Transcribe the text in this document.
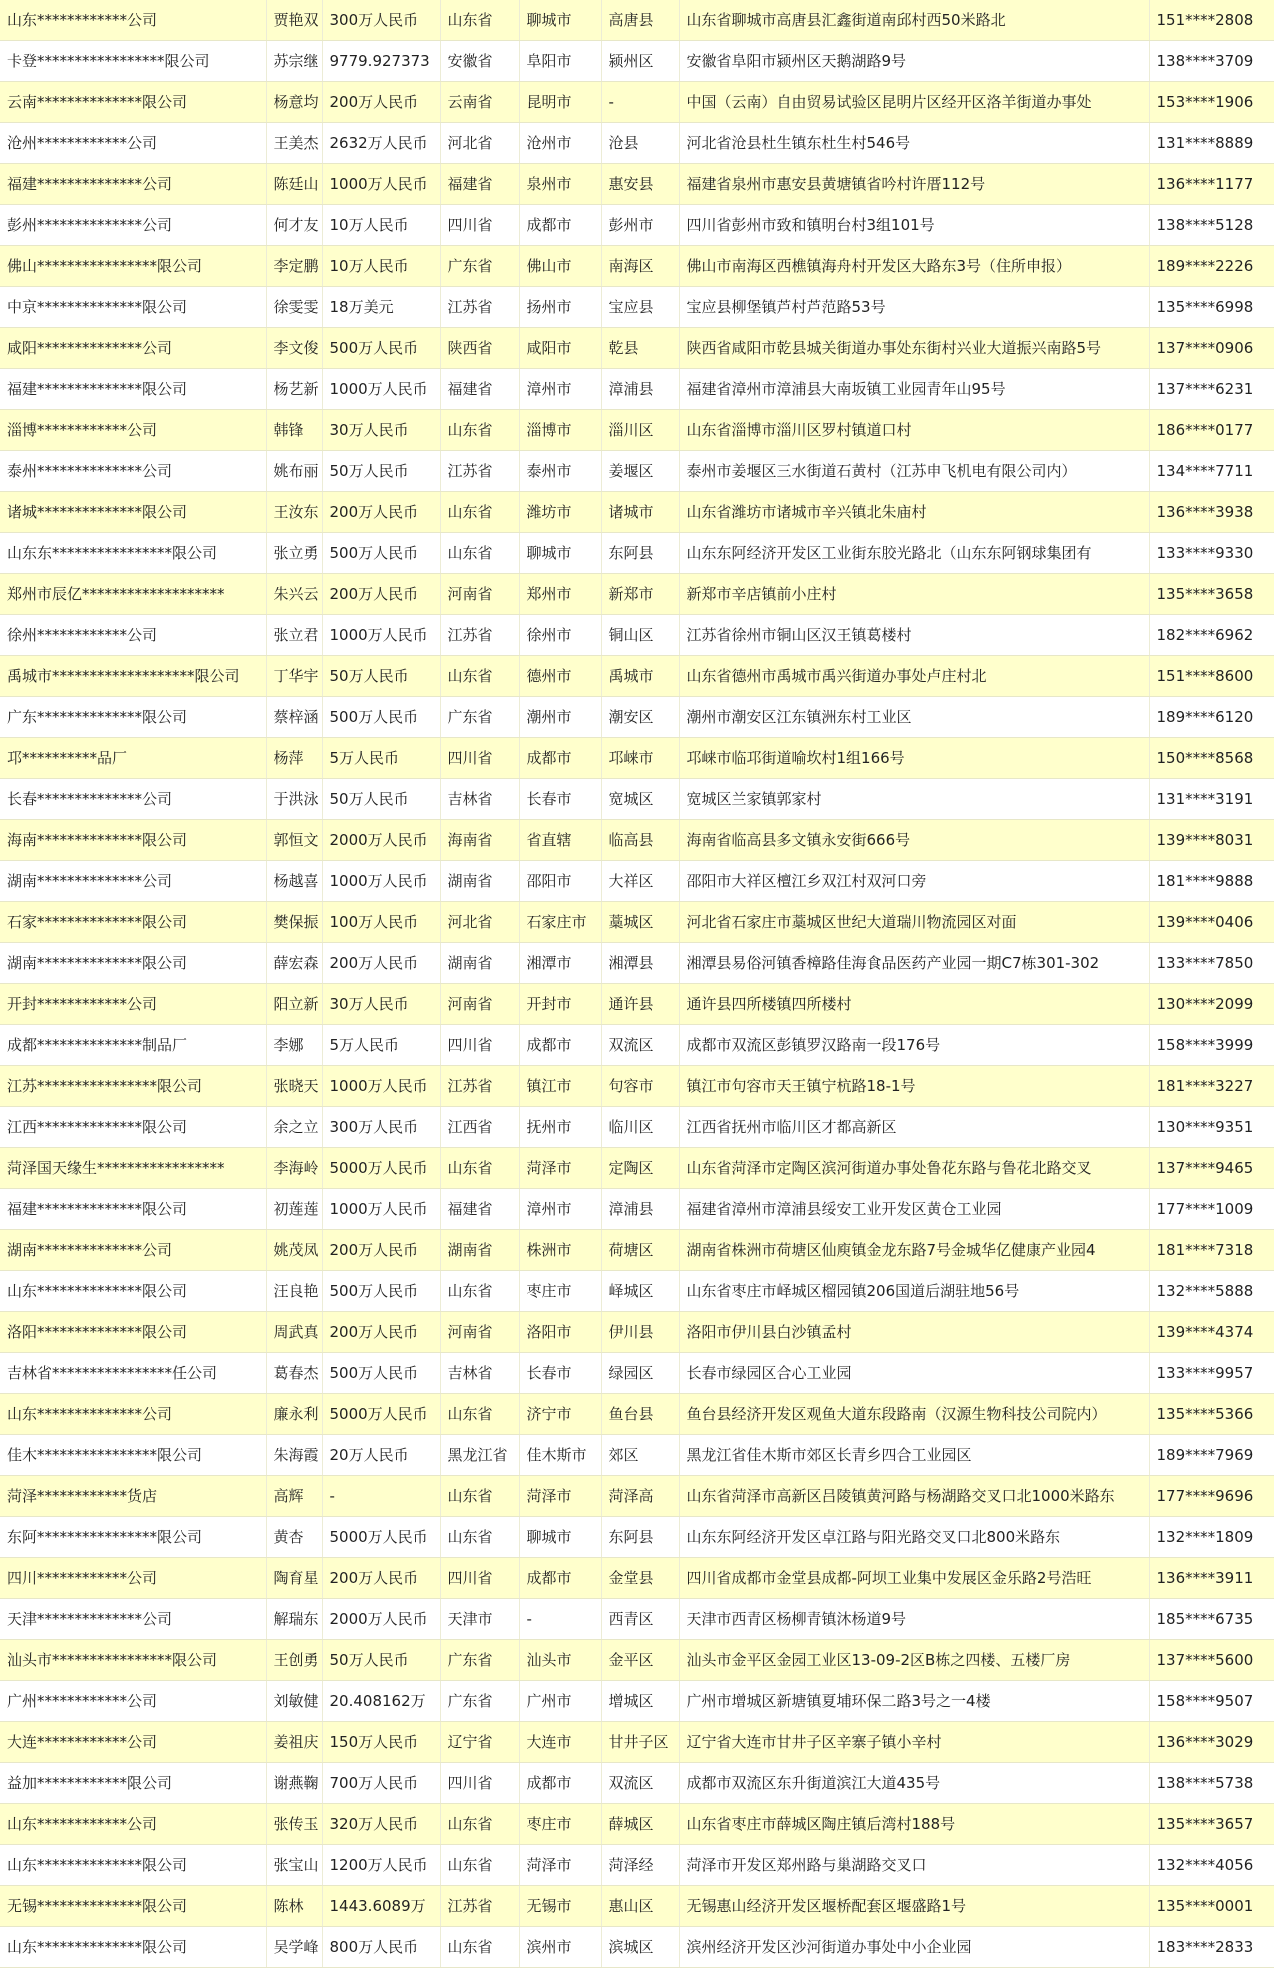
山东************公司	贾艳双	300万人民币	山东省	聊城市	高唐县	山东省聊城市高唐县汇鑫街道南邱村西50米路北	151****2808
卡登*****************限公司	苏宗继	9779.927373	安徽省	阜阳市	颍州区	安徽省阜阳市颍州区天鹅湖路9号	138****3709
云南**************限公司	杨意均	200万人民币	云南省	昆明市	-	中国（云南）自由贸易试验区昆明片区经开区洛羊街道办事处	153****1906
沧州************公司	王美杰	2632万人民币	河北省	沧州市	沧县	河北省沧县杜生镇东杜生村546号	131****8889
福建**************公司	陈廷山	1000万人民币	福建省	泉州市	惠安县	福建省泉州市惠安县黄塘镇省吟村许厝112号	136****1177
彭州**************公司	何才友	10万人民币	四川省	成都市	彭州市	四川省彭州市致和镇明台村3组101号	138****5128
佛山****************限公司	李定鹏	10万人民币	广东省	佛山市	南海区	佛山市南海区西樵镇海舟村开发区大路东3号（住所申报）	189****2226
中京**************限公司	徐雯雯	18万美元	江苏省	扬州市	宝应县	宝应县柳堡镇芦村芦范路53号	135****6998
咸阳**************公司	李文俊	500万人民币	陕西省	咸阳市	乾县	陕西省咸阳市乾县城关街道办事处东街村兴业大道振兴南路5号	137****0906
福建**************限公司	杨艺新	1000万人民币	福建省	漳州市	漳浦县	福建省漳州市漳浦县大南坂镇工业园青年山95号	137****6231
淄博************公司	韩锋	30万人民币	山东省	淄博市	淄川区	山东省淄博市淄川区罗村镇道口村	186****0177
泰州**************公司	姚布丽	50万人民币	江苏省	泰州市	姜堰区	泰州市姜堰区三水街道石黄村（江苏申飞机电有限公司内）	134****7711
诸城**************限公司	王汝东	200万人民币	山东省	潍坊市	诸城市	山东省潍坊市诸城市辛兴镇北朱庙村	136****3938
山东东****************限公司	张立勇	500万人民币	山东省	聊城市	东阿县	山东东阿经济开发区工业街东胶光路北（山东东阿钢球集团有	133****9330
郑州市辰亿*******************	朱兴云	200万人民币	河南省	郑州市	新郑市	新郑市辛店镇前小庄村	135****3658
徐州************公司	张立君	1000万人民币	江苏省	徐州市	铜山区	江苏省徐州市铜山区汉王镇葛楼村	182****6962
禹城市*******************限公司	丁华宇	50万人民币	山东省	德州市	禹城市	山东省德州市禹城市禹兴街道办事处卢庄村北	151****8600
广东**************限公司	蔡梓涵	500万人民币	广东省	潮州市	潮安区	潮州市潮安区江东镇洲东村工业区	189****6120
邛**********品厂	杨萍	5万人民币	四川省	成都市	邛崃市	邛崃市临邛街道喻坎村1组166号	150****8568
长春**************公司	于洪泳	50万人民币	吉林省	长春市	宽城区	宽城区兰家镇郭家村	131****3191
海南**************限公司	郭恒文	2000万人民币	海南省	省直辖	临高县	海南省临高县多文镇永安街666号	139****8031
湖南**************公司	杨越喜	1000万人民币	湖南省	邵阳市	大祥区	邵阳市大祥区檀江乡双江村双河口旁	181****9888
石家**************限公司	樊保振	100万人民币	河北省	石家庄市	藁城区	河北省石家庄市藁城区世纪大道瑞川物流园区对面	139****0406
湖南**************限公司	薛宏森	200万人民币	湖南省	湘潭市	湘潭县	湘潭县易俗河镇香樟路佳海食品医药产业园一期C7栋301-302	133****7850
开封************公司	阳立新	30万人民币	河南省	开封市	通许县	通许县四所楼镇四所楼村	130****2099
成都**************制品厂	李娜	5万人民币	四川省	成都市	双流区	成都市双流区彭镇罗汉路南一段176号	158****3999
江苏****************限公司	张晓天	1000万人民币	江苏省	镇江市	句容市	镇江市句容市天王镇宁杭路18-1号	181****3227
江西**************限公司	余之立	300万人民币	江西省	抚州市	临川区	江西省抚州市临川区才都高新区	130****9351
菏泽国天缘生*****************	李海岭	5000万人民币	山东省	菏泽市	定陶区	山东省菏泽市定陶区滨河街道办事处鲁花东路与鲁花北路交叉	137****9465
福建**************限公司	初莲莲	1000万人民币	福建省	漳州市	漳浦县	福建省漳州市漳浦县绥安工业开发区黄仓工业园	177****1009
湖南**************公司	姚茂凤	200万人民币	湖南省	株洲市	荷塘区	湖南省株洲市荷塘区仙庾镇金龙东路7号金城华亿健康产业园4	181****7318
山东**************限公司	汪良艳	500万人民币	山东省	枣庄市	峄城区	山东省枣庄市峄城区榴园镇206国道后湖驻地56号	132****5888
洛阳**************限公司	周武真	200万人民币	河南省	洛阳市	伊川县	洛阳市伊川县白沙镇孟村	139****4374
吉林省****************任公司	葛春杰	500万人民币	吉林省	长春市	绿园区	长春市绿园区合心工业园	133****9957
山东**************公司	廉永利	5000万人民币	山东省	济宁市	鱼台县	鱼台县经济开发区观鱼大道东段路南（汉源生物科技公司院内）	135****5366
佳木****************限公司	朱海霞	20万人民币	黑龙江省	佳木斯市	郊区	黑龙江省佳木斯市郊区长青乡四合工业园区	189****7969
菏泽************货店	高辉	-	山东省	菏泽市	菏泽高	山东省菏泽市高新区吕陵镇黄河路与杨湖路交叉口北1000米路东	177****9696
东阿****************限公司	黄杏	5000万人民币	山东省	聊城市	东阿县	山东东阿经济开发区卓江路与阳光路交叉口北800米路东	132****1809
四川************公司	陶育星	200万人民币	四川省	成都市	金堂县	四川省成都市金堂县成都-阿坝工业集中发展区金乐路2号浩旺	136****3911
天津**************公司	解瑞东	2000万人民币	天津市	-	西青区	天津市西青区杨柳青镇沐杨道9号	185****6735
汕头市****************限公司	王创勇	50万人民币	广东省	汕头市	金平区	汕头市金平区金园工业区13-09-2区B栋之四楼、五楼厂房	137****5600
广州************公司	刘敏健	20.408162万	广东省	广州市	增城区	广州市增城区新塘镇夏埔环保二路3号之一4楼	158****9507
大连************公司	姜祖庆	150万人民币	辽宁省	大连市	甘井子区	辽宁省大连市甘井子区辛寨子镇小辛村	136****3029
益加************限公司	谢燕鞠	700万人民币	四川省	成都市	双流区	成都市双流区东升街道滨江大道435号	138****5738
山东************公司	张传玉	320万人民币	山东省	枣庄市	薛城区	山东省枣庄市薛城区陶庄镇后湾村188号	135****3657
山东**************限公司	张宝山	1200万人民币	山东省	菏泽市	菏泽经	菏泽市开发区郑州路与巢湖路交叉口	132****4056
无锡**************限公司	陈林	1443.6089万	江苏省	无锡市	惠山区	无锡惠山经济开发区堰桥配套区堰盛路1号	135****0001
山东**************限公司	吴学峰	800万人民币	山东省	滨州市	滨城区	滨州经济开发区沙河街道办事处中小企业园	183****2833
